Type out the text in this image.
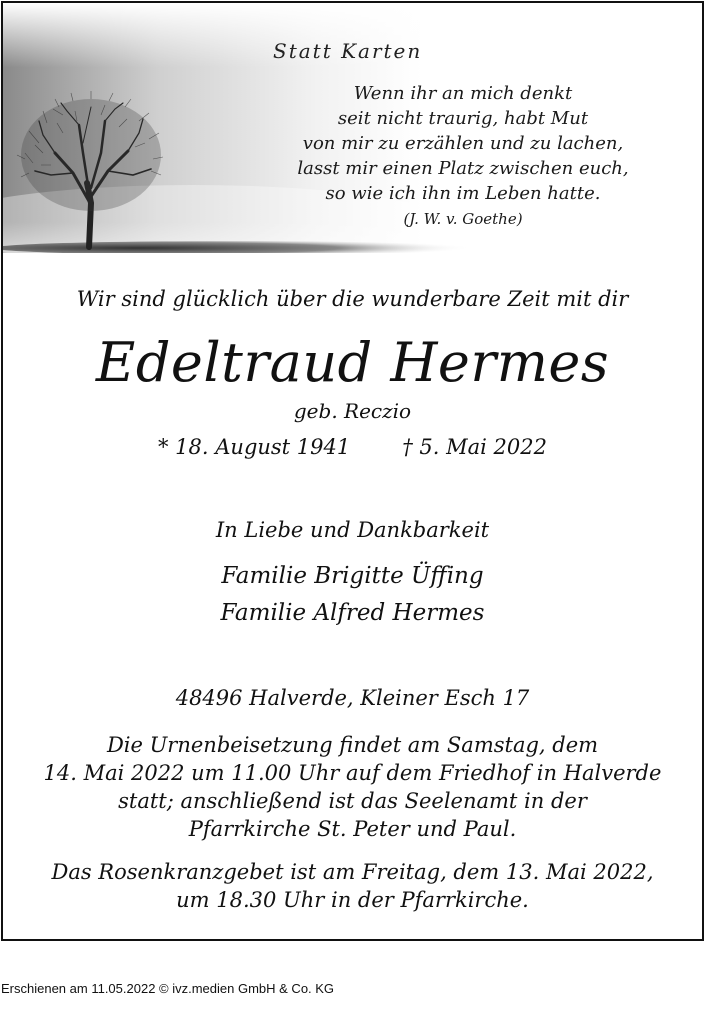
Statt Karten
Wenn ihr an mich denkt
seit nicht traurig, habt Mut
von mir zu erzählen und zu lachen,
lasst mir einen Platz zwischen euch,
so wie ich ihn im Leben hatte.
(J. W. v. Goethe)
Wir sind glücklich über die wunderbare Zeit mit dir
Edeltraud Hermes
geb. Reczio
* 18. August 1941 † 5. Mai 2022
In Liebe und Dankbarkeit
Familie Brigitte Üffing
Familie Alfred Hermes
48496 Halverde, Kleiner Esch 17
Die Urnenbeisetzung findet am Samstag, dem
14. Mai 2022 um 11.00 Uhr auf dem Friedhof in Halverde
statt; anschließend ist das Seelenamt in der
Pfarrkirche St. Peter und Paul.
Das Rosenkranzgebet ist am Freitag, dem 13. Mai 2022,
um 18.30 Uhr in der Pfarrkirche.
Erschienen am 11.05.2022 © ivz.medien GmbH & Co. KG
